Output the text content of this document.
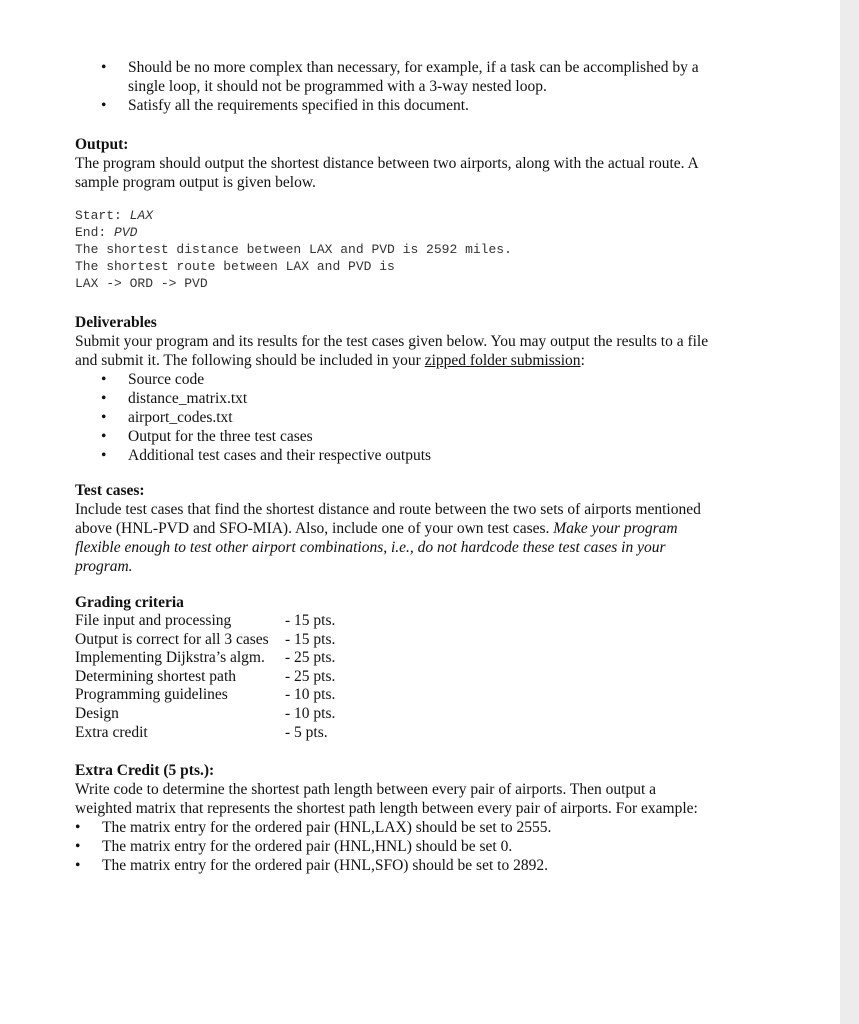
• Should be no more complex than necessary, for example, if a task can be accomplished by a single loop, it should not be programmed with a 3-way nested loop.
• Satisfy all the requirements specified in this document.
Output:

The program should output the shortest distance between two airports, along with the actual route. A sample program output is given below.

Start: LAX
End: PVD
The shortest distance between LAX and PVD is 2592 miles.
The shortest route between LAX and PVD is
LAX -> ORD -> PVD
Deliverables

Submit your program and its results for the test cases given below. You may output the results to a file and submit it. The following should be included in your zipped folder submission:

• Source code
• distance_matrix.txt
• airport_codes.txt
• Output for the three test cases
• Additional test cases and their respective outputs
Test cases:

Include test cases that find the shortest distance and route between the two sets of airports mentioned above (HNL-PVD and SFO-MIA). Also, include one of your own test cases. Make your program flexible enough to test other airport combinations, i.e., do not hardcode these test cases in your program.

Grading criteria
File input and processing	- 15 pts.
Output is correct for all 3 cases	- 15 pts.
Implementing Dijkstra’s algm.	- 25 pts.
Determining shortest path	- 25 pts.
Programming guidelines	- 10 pts.
Design	- 10 pts.
Extra credit	- 5 pts.
Extra Credit (5 pts.):

Write code to determine the shortest path length between every pair of airports. Then output a weighted matrix that represents the shortest path length between every pair of airports. For example:

• The matrix entry for the ordered pair (HNL,LAX) should be set to 2555.
• The matrix entry for the ordered pair (HNL,HNL) should be set 0.
• The matrix entry for the ordered pair (HNL,SFO) should be set to 2892.
